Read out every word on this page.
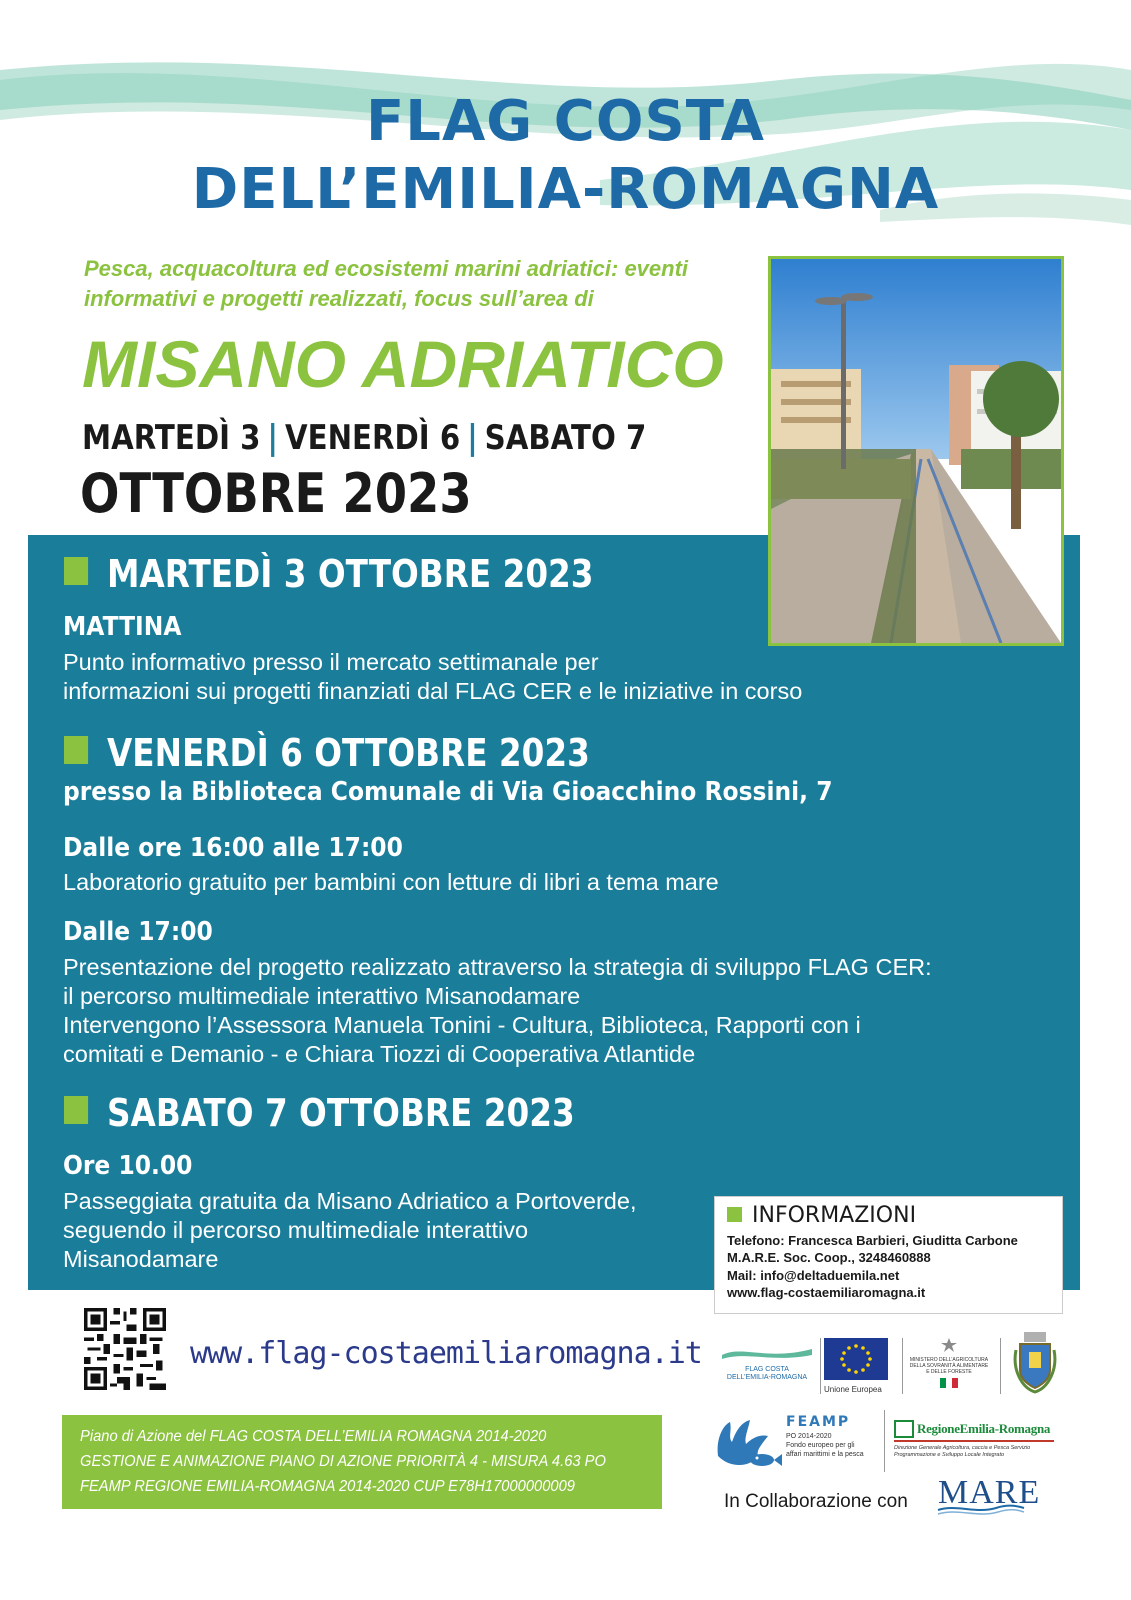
FLAG COSTA
DELL’EMILIA-ROMAGNA
Pesca, acquacoltura ed ecosistemi marini adriatici: eventi
informativi e progetti realizzati, focus sull’area di
MISANO ADRIATICO
MARTEDÌ 3 | VENERDÌ 6 | SABATO 7
OTTOBRE 2023
MARTEDÌ 3 OTTOBRE 2023
MATTINA
Punto informativo presso il mercato settimanale per
informazioni sui progetti finanziati dal FLAG CER e le iniziative in corso
VENERDÌ 6 OTTOBRE 2023
presso la Biblioteca Comunale di Via Gioacchino Rossini, 7
Dalle ore 16:00 alle 17:00
Laboratorio gratuito per bambini con letture di libri a tema mare
Dalle 17:00
Presentazione del progetto realizzato attraverso la strategia di sviluppo FLAG CER:
il percorso multimediale interattivo Misanodamare
Intervengono l’Assessora Manuela Tonini - Cultura, Biblioteca, Rapporti con i
comitati e Demanio - e Chiara Tiozzi di Cooperativa Atlantide
SABATO 7 OTTOBRE 2023
Ore 10.00
Passeggiata gratuita da Misano Adriatico a Portoverde,
seguendo il percorso multimediale interattivo
Misanodamare
INFORMAZIONI
Telefono: Francesca Barbieri, Giuditta Carbone
M.A.R.E. Soc. Coop., 3248460888
Mail: info@deltaduemila.net
www.flag-costaemiliaromagna.it
www.flag-costaemiliaromagna.it
Piano di Azione del FLAG COSTA DELL’EMILIA ROMAGNA 2014-2020
GESTIONE E ANIMAZIONE PIANO DI AZIONE PRIORITÀ 4 - MISURA 4.63 PO
FEAMP REGIONE EMILIA-ROMAGNA 2014-2020 CUP E78H17000000009
FLAG COSTA
DELL’EMILIA-ROMAGNA
Unione Europea
MINISTERO DELL’AGRICOLTURA
DELLA SOVRANITÀ ALIMENTARE
E DELLE FORESTE
FEAMP
PO 2014-2020
Fondo europeo per gli
affari marittimi e la pesca
RegioneEmilia-Romagna
Direzione Generale Agricoltura, caccia e Pesca Servizio
Programmazione e Sviluppo Locale Integrato
In Collaborazione con MARE
